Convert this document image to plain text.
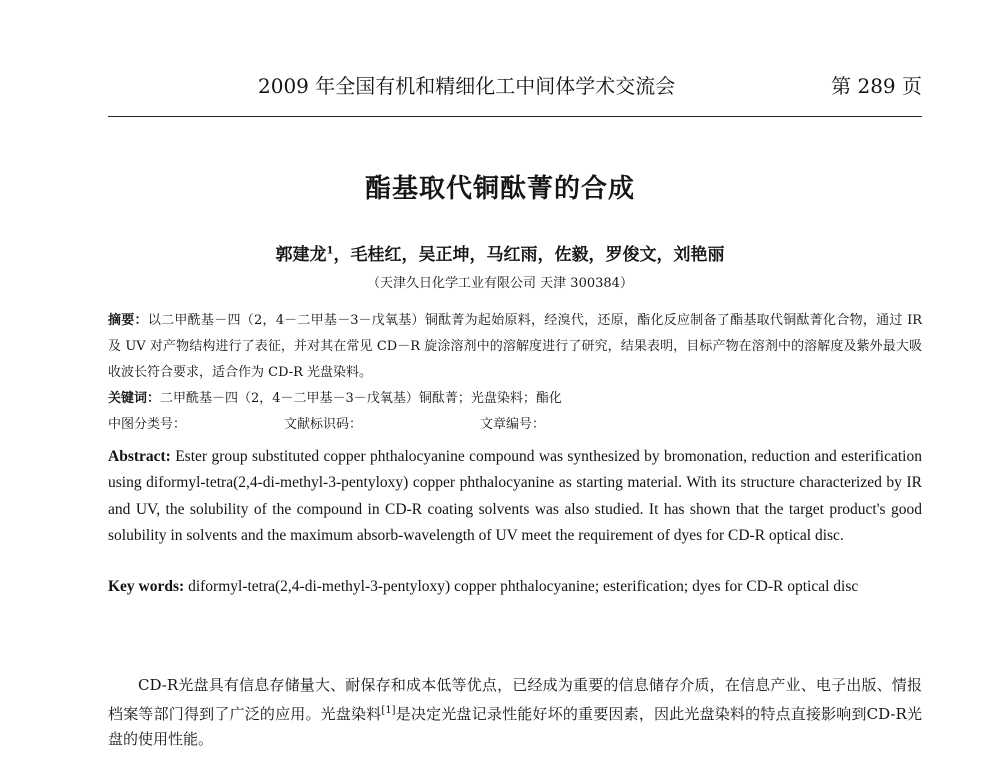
2009 年全国有机和精细化工中间体学术交流会	第 289 页
酯基取代铜酞菁的合成
郭建龙$^1$，毛桂红，吴正坤，马红雨，佐毅，罗俊文，刘艳丽
（天津久日化学工业有限公司 天津 300384）
摘要：以二甲酰基－四（2，4－二甲基－3－戊氧基）铜酞菁为起始原料，经溴代，还原，酯化反应制备了酯基取代铜酞菁化合物，通过 IR 及 UV 对产物结构进行了表征，并对其在常见 CD－R 旋涂溶剂中的溶解度进行了研究，结果表明，目标产物在溶剂中的溶解度及紫外最大吸收波长符合要求，适合作为 CD-R 光盘染料。
关键词：二甲酰基－四（2，4－二甲基－3－戊氧基）铜酞菁；光盘染料；酯化
中图分类号：	文献标识码：	文章编号：
Abstract: Ester group substituted copper phthalocyanine compound was synthesized by bromonation, reduction and esterification using diformyl-tetra(2,4-di-methyl-3-pentyloxy) copper phthalocyanine as starting material. With its structure characterized by IR and UV, the solubility of the compound in CD-R coating solvents was also studied. It has shown that the target product's good solubility in solvents and the maximum absorb-wavelength of UV meet the requirement of dyes for CD-R optical disc.
Key words: diformyl-tetra(2,4-di-methyl-3-pentyloxy) copper phthalocyanine; esterification; dyes for CD-R optical disc
CD-R光盘具有信息存储量大、耐保存和成本低等优点，已经成为重要的信息储存介质，在信息产业、电子出版、情报档案等部门得到了广泛的应用。光盘染料[1]是决定光盘记录性能好坏的重要因素，因此光盘染料的特点直接影响到CD-R光盘的使用性能。
